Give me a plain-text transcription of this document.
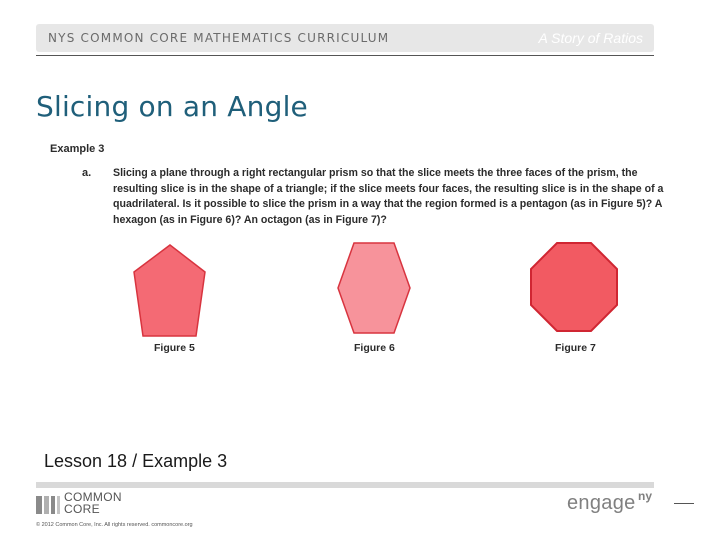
NYS COMMON CORE MATHEMATICS CURRICULUM	A Story of Ratios
Slicing on an Angle
Example 3
a. Slicing a plane through a right rectangular prism so that the slice meets the three faces of the prism, the
resulting slice is in the shape of a triangle; if the slice meets four faces, the resulting slice is in the shape of a
quadrilateral. Is it possible to slice the prism in a way that the region formed is a pentagon (as in Figure 5)? A
hexagon (as in Figure 6)? An octagon (as in Figure 7)?
Figure 5	Figure 6	Figure 7
Lesson 18 / Example 3
COMMON
CORE
© 2012 Common Core, Inc. All rights reserved. commoncore.org
engage ny
